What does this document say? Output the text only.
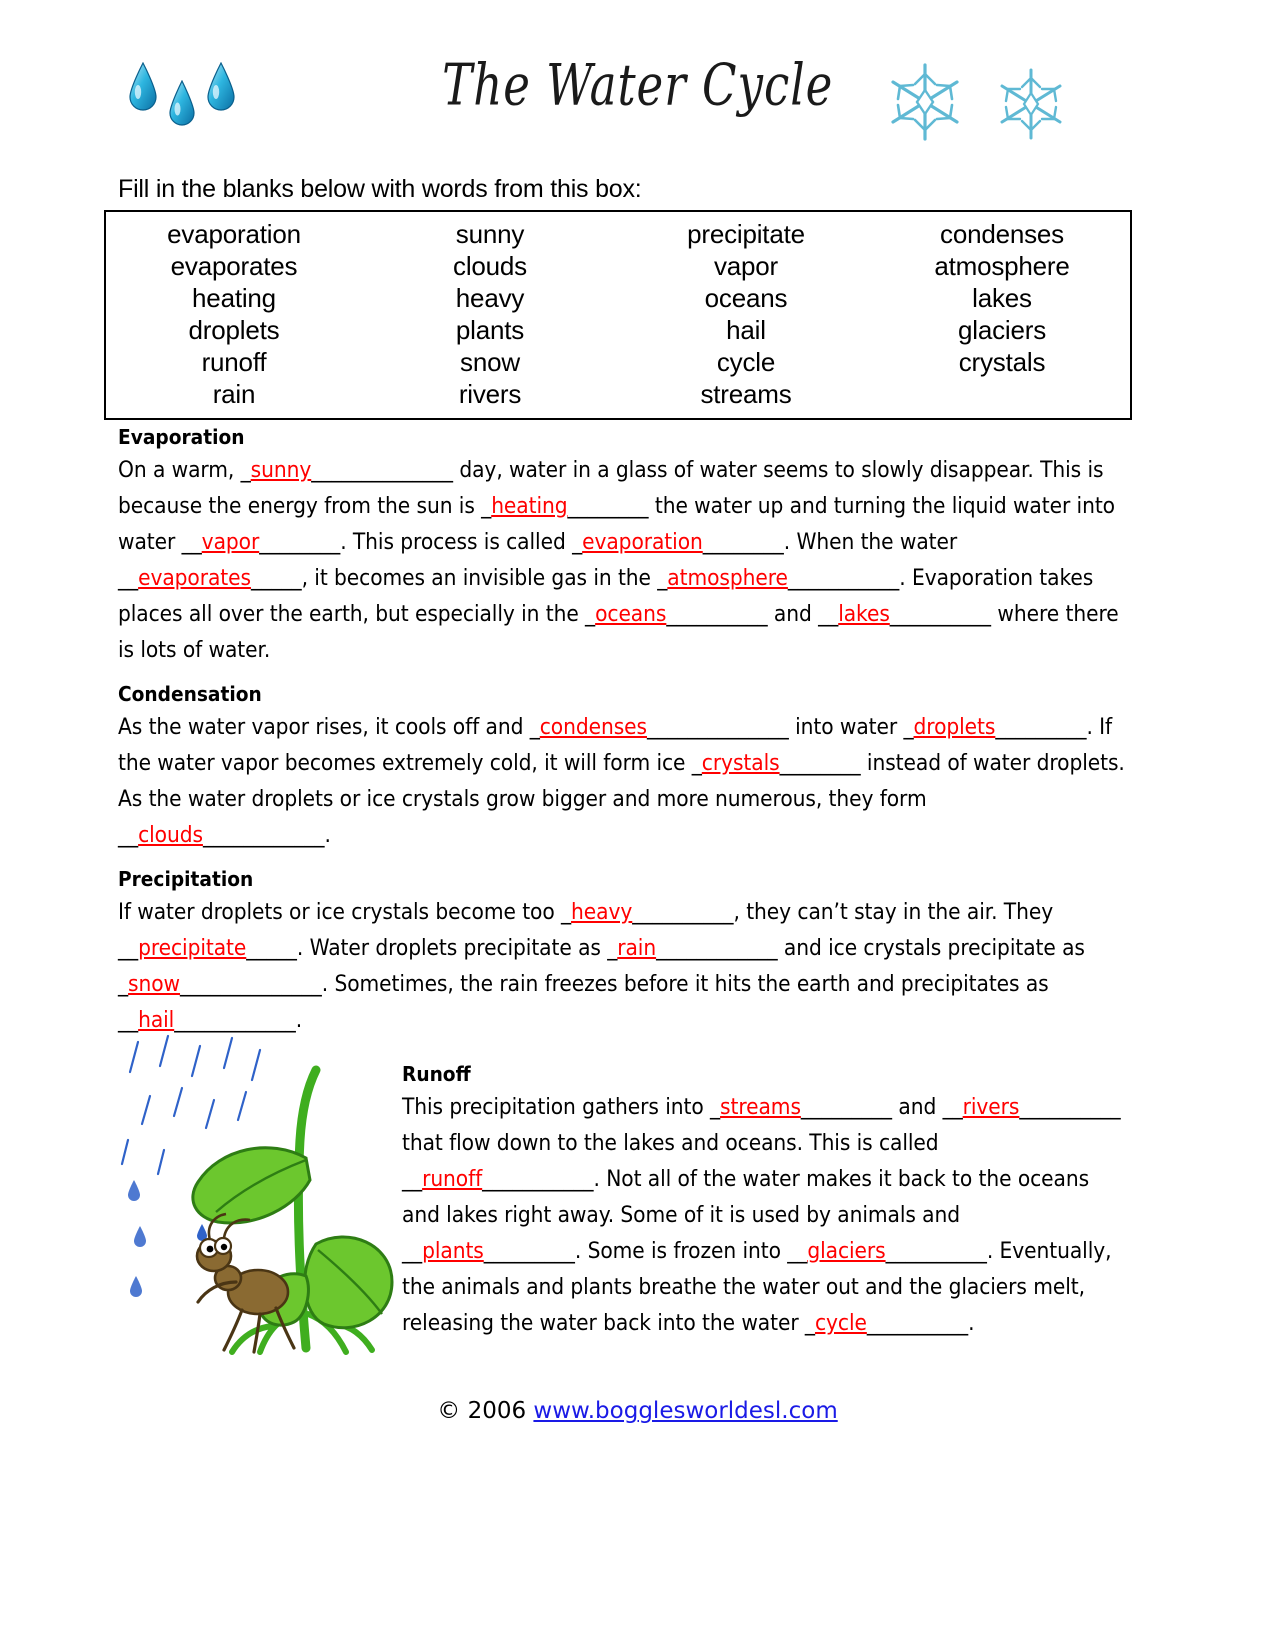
The Water Cycle
Fill in the blanks below with words from this box:
evaporation	sunny	precipitate	condenses
evaporates	clouds	vapor	atmosphere
heating	heavy	oceans	lakes
droplets	plants	hail	glaciers
runoff	snow	cycle	crystals
rain	rivers	streams
Evaporation
On a warm, _sunny______________ day, water in a glass of water seems to slowly disappear. This is because the energy from the sun is _heating________ the water up and turning the liquid water into water __vapor________. This process is called _evaporation________. When the water __evaporates_____, it becomes an invisible gas in the _atmosphere___________. Evaporation takes places all over the earth, but especially in the _oceans__________ and __lakes__________ where there is lots of water.
Condensation
As the water vapor rises, it cools off and _condenses______________ into water _droplets_________. If the water vapor becomes extremely cold, it will form ice _crystals________ instead of water droplets. As the water droplets or ice crystals grow bigger and more numerous, they form __clouds____________.
Precipitation
If water droplets or ice crystals become too _heavy__________, they can’t stay in the air. They __precipitate_____. Water droplets precipitate as _rain____________ and ice crystals precipitate as _snow______________. Sometimes, the rain freezes before it hits the earth and precipitates as __hail____________.
Runoff
This precipitation gathers into _streams_________ and __rivers__________ that flow down to the lakes and oceans. This is called __runoff___________. Not all of the water makes it back to the oceans and lakes right away. Some of it is used by animals and __plants_________. Some is frozen into __glaciers__________. Eventually, the animals and plants breathe the water out and the glaciers melt, releasing the water back into the water _cycle__________.
© 2006 www.bogglesworldesl.com
